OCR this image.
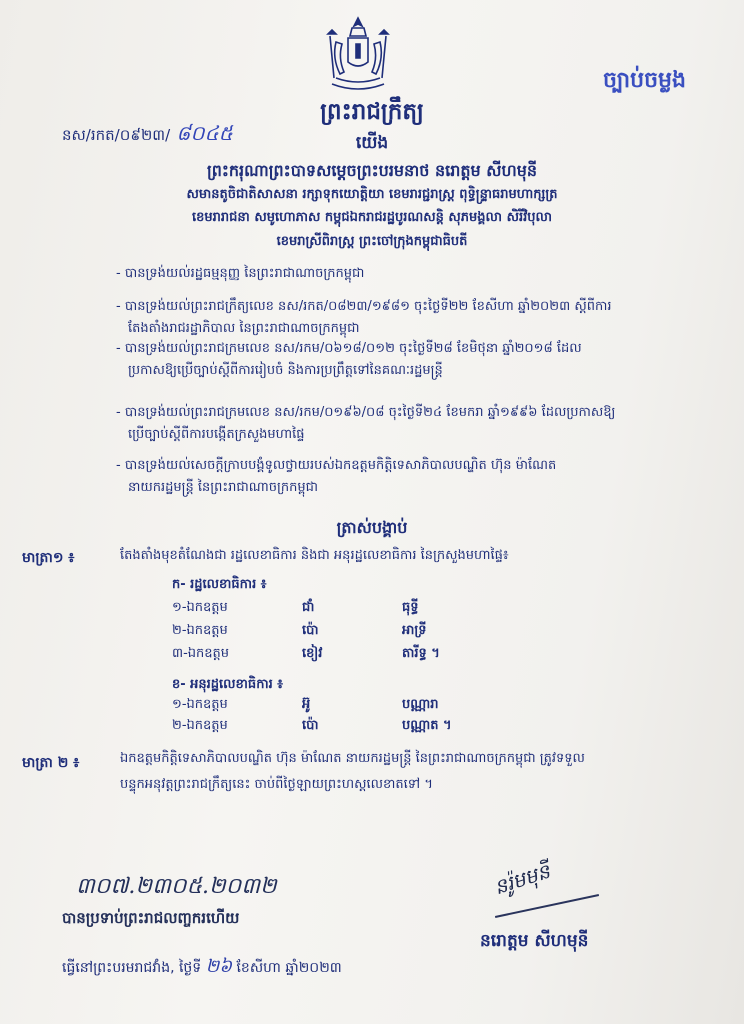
ច្បាប់ចម្លង
ព្រះរាជក្រឹត្យ
នស/រកត/០៩២៣/ ៨០៤៥	យើង
ព្រះករុណាព្រះបាទសម្តេចព្រះបរមនាថ នរោត្តម សីហមុនី
សមានតូចិជាតិសាសនា រក្សាទុកយោត្តិយា ខេមរារជ្ជរាស្ត្រ ពុទ្ធិន្រ្ទាធរាមហាក្សត្រ
ខេមរារាជនា សមូហោភាស កម្ពុជឯករាជរដ្ឋបូរណសន្តិ សុភមង្គលា សិរីវិបុលា
ខេមរាស្រីពិរាស្ត្រ ព្រះចៅក្រុងកម្ពុជាធិបតី
- បានទ្រង់យល់រដ្ឋធម្មនុញ្ញ នៃព្រះរាជាណាចក្រកម្ពុជា
- បានទ្រង់យល់ព្រះរាជក្រឹត្យលេខ នស/រកត/០៨២៣/១៩៨១ ចុះថ្ងៃទី២២ ខែសីហា ឆ្នាំ២០២៣ ស្តីពីការ
តែងតាំងរាជរដ្ឋាភិបាល នៃព្រះរាជាណាចក្រកម្ពុជា
- បានទ្រង់យល់ព្រះរាជក្រមលេខ នស/រកម/០៦១៨/០១២ ចុះថ្ងៃទី២៨ ខែមិថុនា ឆ្នាំ២០១៨ ដែល
ប្រកាសឱ្យប្រើច្បាប់ស្តីពីការរៀបចំ និងការប្រព្រឹត្តទៅនៃគណៈរដ្ឋមន្ត្រី
- បានទ្រង់យល់ព្រះរាជក្រមលេខ នស/រកម/០១៩៦/០៨ ចុះថ្ងៃទី២៤ ខែមករា ឆ្នាំ១៩៩៦ ដែលប្រកាសឱ្យ
ប្រើច្បាប់ស្តីពីការបង្កើតក្រសួងមហាផ្ទៃ
- បានទ្រង់យល់សេចក្តីក្រាបបង្គំទូលថ្វាយរបស់ឯកឧត្តមកិត្តិទេសាភិបាលបណ្ឌិត ហ៊ុន ម៉ាណែត
នាយករដ្ឋមន្ត្រី នៃព្រះរាជាណាចក្រកម្ពុជា
ត្រាស់បង្គាប់
មាត្រា១ ៖	តែងតាំងមុខតំណែងជា រដ្ឋលេខាធិការ និងជា អនុរដ្ឋលេខាធិការ នៃក្រសួងមហាផ្ទៃ៖
ក- រដ្ឋលេខាធិការ ៖
១-ឯកឧត្តម	ជាំ	ធុទ្ធី
២-ឯកឧត្តម	ប៉ោ	អាទ្រី
៣-ឯកឧត្តម	ខៀវ	តារីទ្ធ ។
ខ- អនុរដ្ឋលេខាធិការ ៖
១-ឯកឧត្តម	អ៊ូ	បណ្ណារា
២-ឯកឧត្តម	ប៉ោ	បណ្ណាត ។
មាត្រា ២ ៖	ឯកឧត្តមកិត្តិទេសាភិបាលបណ្ឌិត ហ៊ុន ម៉ាណែត នាយករដ្ឋមន្ត្រី នៃព្រះរាជាណាចក្រកម្ពុជា ត្រូវទទួល
បន្ទុកអនុវត្តព្រះរាជក្រឹត្យនេះ ចាប់ពីថ្ងៃឡាយព្រះហស្តលេខាតទៅ ។
៣០៧.២៣០៥.២០៣២
បានប្រទាប់ព្រះរាជលញ្ចករហើយ
ធ្វើនៅព្រះបរមរាជវាំង, ថ្ងៃទី ២៦ ខែសីហា ឆ្នាំ២០២៣
នរ៉ូមមុនី
នរោត្តម សីហមុនី
